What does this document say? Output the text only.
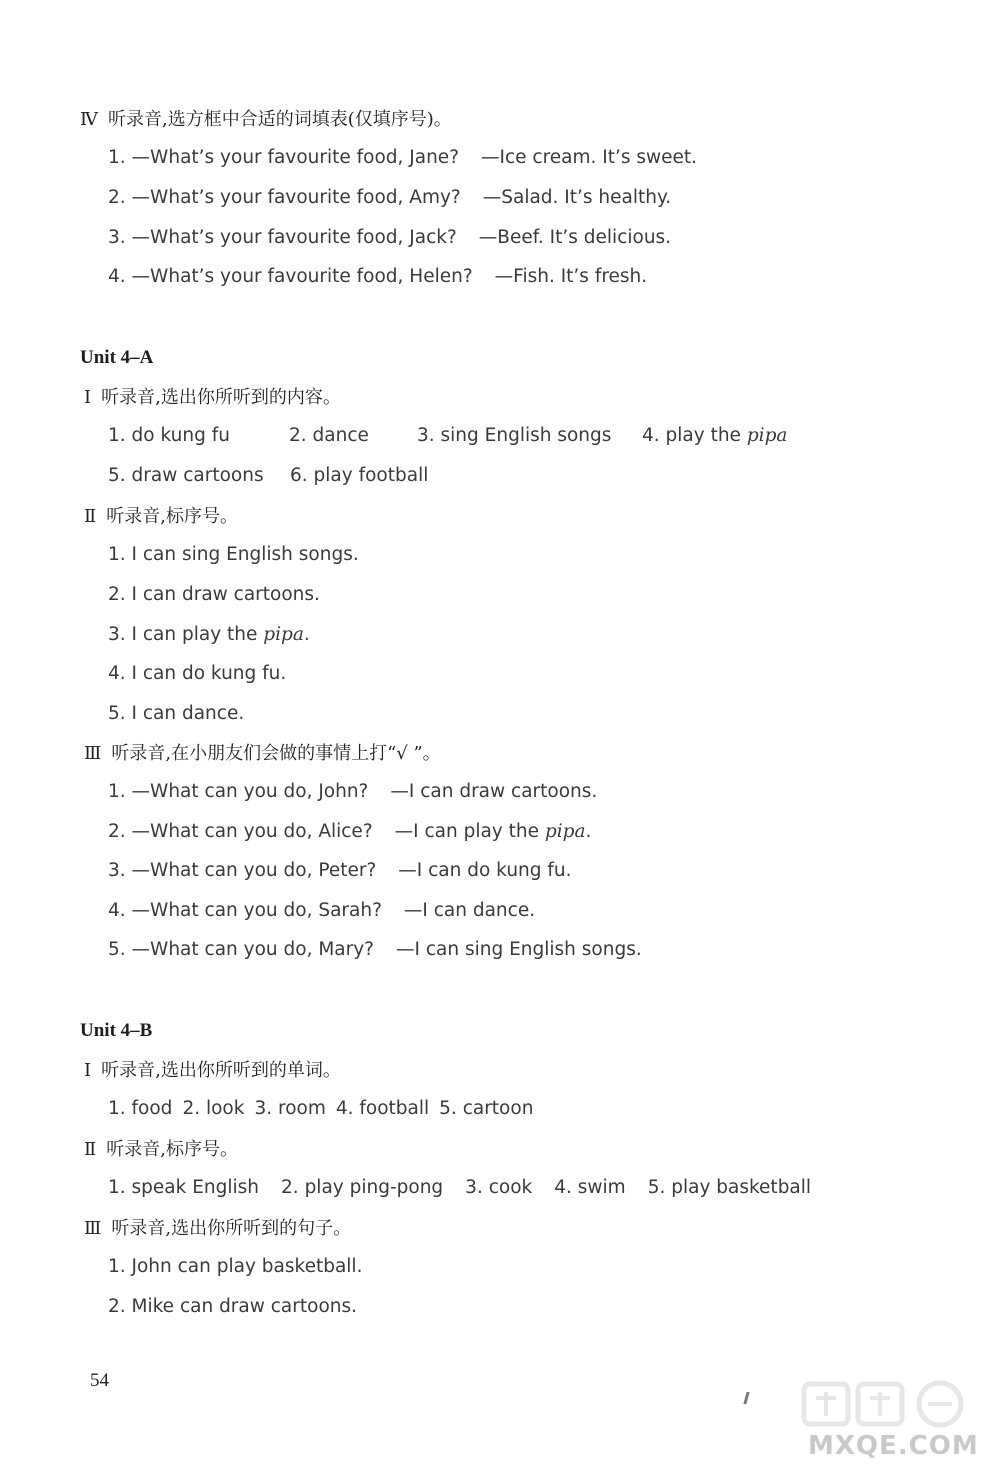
Ⅳ 听录音,选方框中合适的词填表(仅填序号)。
1. —What’s your favourite food, Jane? —Ice cream. It’s sweet.
2. —What’s your favourite food, Amy? —Salad. It’s healthy.
3. —What’s your favourite food, Jack? —Beef. It’s delicious.
4. —What’s your favourite food, Helen? —Fish. It’s fresh.
Unit 4–A
Ⅰ 听录音,选出你所听到的内容。
1. do kung fu	2. dance	3. sing English songs 4. play the pipa
5. draw cartoons 6. play football
Ⅱ 听录音,标序号。
1. I can sing English songs.
2. I can draw cartoons.
3. I can play the pipa.
4. I can do kung fu.
5. I can dance.
Ⅲ 听录音,在小朋友们会做的事情上打“√ ”。
1. —What can you do, John? —I can draw cartoons.
2. —What can you do, Alice? —I can play the pipa.
3. —What can you do, Peter? —I can do kung fu.
4. —What can you do, Sarah? —I can dance.
5. —What can you do, Mary? —I can sing English songs.
Unit 4–B
Ⅰ 听录音,选出你所听到的单词。
1. food 2. look 3. room 4. football 5. cartoon
Ⅱ 听录音,标序号。
1. speak English 2. play ping-pong 3. cook 4. swim 5. play basketball
Ⅲ 听录音,选出你所听到的句子。
1. John can play basketball.
2. Mike can draw cartoons.
54
MXQE.COM
